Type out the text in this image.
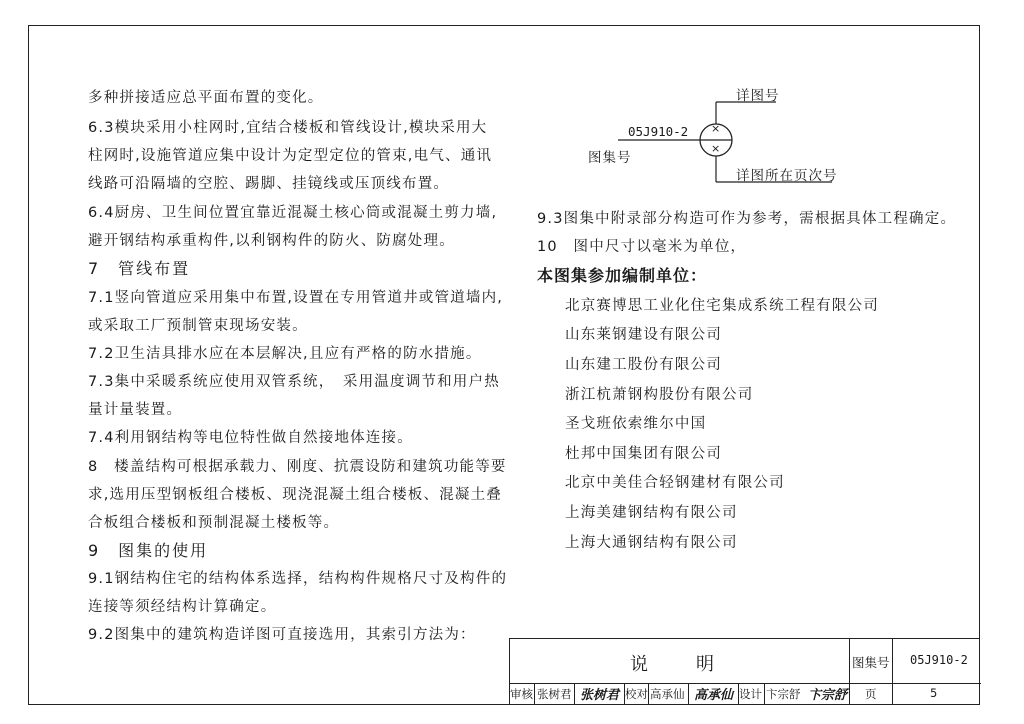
多种拼接适应总平面布置的变化。
6.3模块采用小柱网时,宜结合楼板和管线设计,模块采用大
柱网时,设施管道应集中设计为定型定位的管束,电气、通讯
线路可沿隔墙的空腔、踢脚、挂镜线或压顶线布置。
6.4厨房、卫生间位置宜靠近混凝土核心筒或混凝土剪力墙,
避开钢结构承重构件,以利钢构件的防火、防腐处理。
7　管线布置
7.1竖向管道应采用集中布置,设置在专用管道井或管道墙内,
或采取工厂预制管束现场安装。
7.2卫生洁具排水应在本层解决,且应有严格的防水措施。
7.3集中采暖系统应使用双管系统，　采用温度调节和用户热
量计量装置。
7.4利用钢结构等电位特性做自然接地体连接。
8　楼盖结构可根据承载力、刚度、抗震设防和建筑功能等要
求,选用压型钢板组合楼板、现浇混凝土组合楼板、混凝土叠
合板组合楼板和预制混凝土楼板等。
9　图集的使用
9.1钢结构住宅的结构体系选择，结构构件规格尺寸及构件的
连接等须经结构计算确定。
9.2图集中的建筑构造详图可直接选用，其索引方法为：
×
×
详图号
05J910-2
图集号
详图所在页次号
9.3图集中附录部分构造可作为参考，需根据具体工程确定。
10　图中尺寸以毫米为单位，
本图集参加编制单位：
北京赛博思工业化住宅集成系统工程有限公司
山东莱钢建设有限公司
山东建工股份有限公司
浙江杭萧钢构股份有限公司
圣戈班依索维尔中国
杜邦中国集团有限公司
北京中美佳合轻钢建材有限公司
上海美建钢结构有限公司
上海大通钢结构有限公司
说　　明	图集号 05J910-2
审核 张树君 张树君 校对 高承仙 高承仙 设计 卞宗舒 卞宗舒 页	5
